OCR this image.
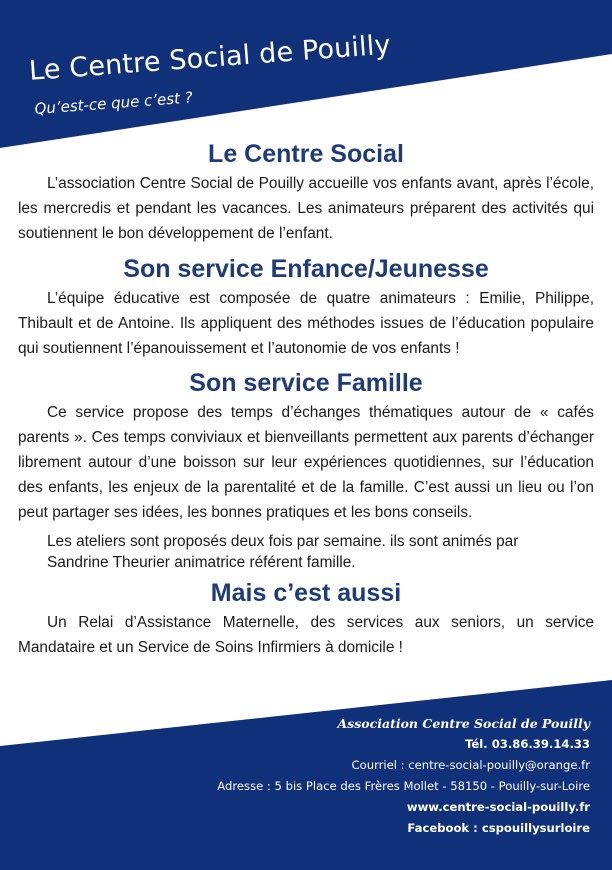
Le Centre Social de Pouilly

Qu’est-ce que c’est ?

Le Centre Social

L’association Centre Social de Pouilly accueille vos enfants avant, après l’école, les mercredis et pendant les vacances. Les animateurs préparent des activités qui soutiennent le bon développement de l’enfant.

Son service Enfance/Jeunesse

L’équipe éducative est composée de quatre animateurs : Emilie, Philippe, Thibault et de Antoine. Ils appliquent des méthodes issues de l’éducation populaire qui soutiennent l’épanouissement et l’autonomie de vos enfants !

Son service Famille

Ce service propose des temps d’échanges thématiques autour de « cafés parents ». Ces temps conviviaux et bienveillants permettent aux parents d’échanger librement autour d’une boisson sur leur expériences quotidiennes, sur l’éducation des enfants, les enjeux de la parentalité et de la famille. C’est aussi un lieu ou l’on peut partager ses idées, les bonnes pratiques et les bons conseils.

Les ateliers sont proposés deux fois par semaine. ils sont animés par
Sandrine Theurier animatrice référent famille.

Mais c’est aussi

Un Relai d’Assistance Maternelle, des services aux seniors, un service Mandataire et un Service de Soins Infirmiers à domicile !

Association Centre Social de Pouilly
Tél. 03.86.39.14.33
Courriel : centre-social-pouilly@orange.fr
Adresse : 5 bis Place des Frères Mollet - 58150 - Pouilly-sur-Loire
www.centre-social-pouilly.fr
Facebook : cspouillysurloire
